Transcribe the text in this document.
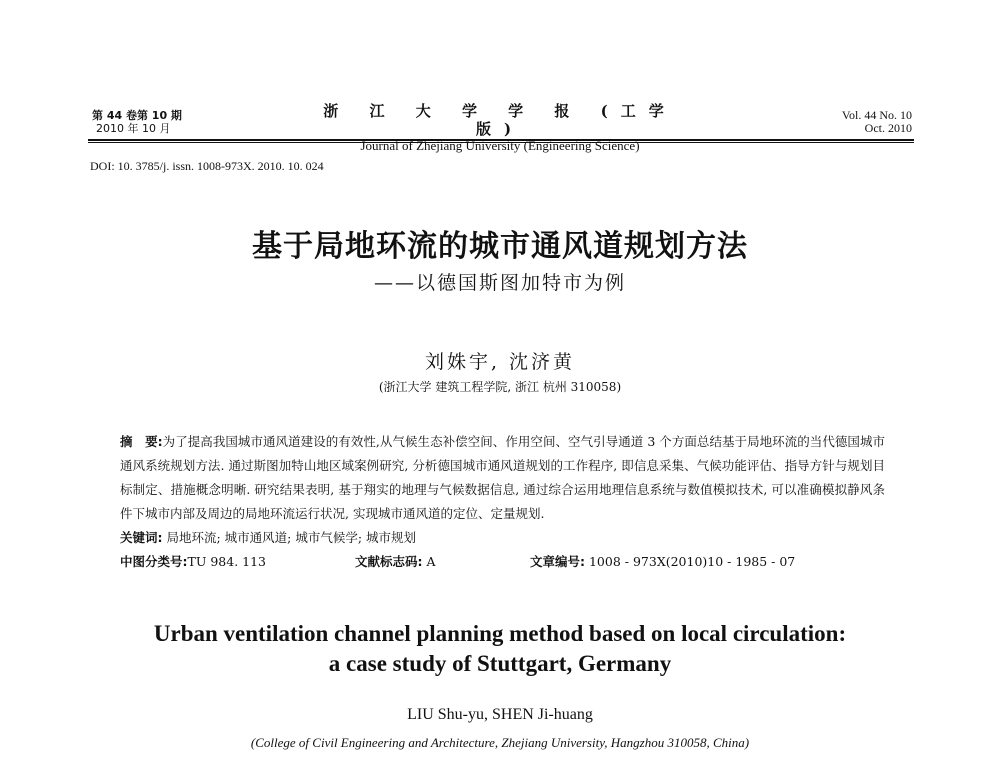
第 44 卷第 10 期
2010 年 10 月
浙 江 大 学 学 报 (工学版)
Journal of Zhejiang University (Engineering Science)
Vol. 44 No. 10
Oct. 2010
DOI: 10. 3785/j. issn. 1008-973X. 2010. 10. 024
基于局地环流的城市通风道规划方法
——以德国斯图加特市为例
刘姝宇, 沈济黄
(浙江大学 建筑工程学院, 浙江 杭州 310058)
摘　要:为了提高我国城市通风道建设的有效性,从气候生态补偿空间、作用空间、空气引导通道 3 个方面总结基于局地环流的当代德国城市通风系统规划方法. 通过斯图加特山地区域案例研究, 分析德国城市通风道规划的工作程序, 即信息采集、气候功能评估、指导方针与规划目标制定、措施概念明晰. 研究结果表明, 基于翔实的地理与气候数据信息, 通过综合运用地理信息系统与数值模拟技术, 可以准确模拟静风条件下城市内部及周边的局地环流运行状况, 实现城市通风道的定位、定量规划.
关键词: 局地环流; 城市通风道; 城市气候学; 城市规划
中图分类号:TU 984. 113	文献标志码: A	文章编号: 1008 - 973X(2010)10 - 1985 - 07
Urban ventilation channel planning method based on local circulation:
a case study of Stuttgart, Germany
LIU Shu-yu, SHEN Ji-huang
(College of Civil Engineering and Architecture, Zhejiang University, Hangzhou 310058, China)
